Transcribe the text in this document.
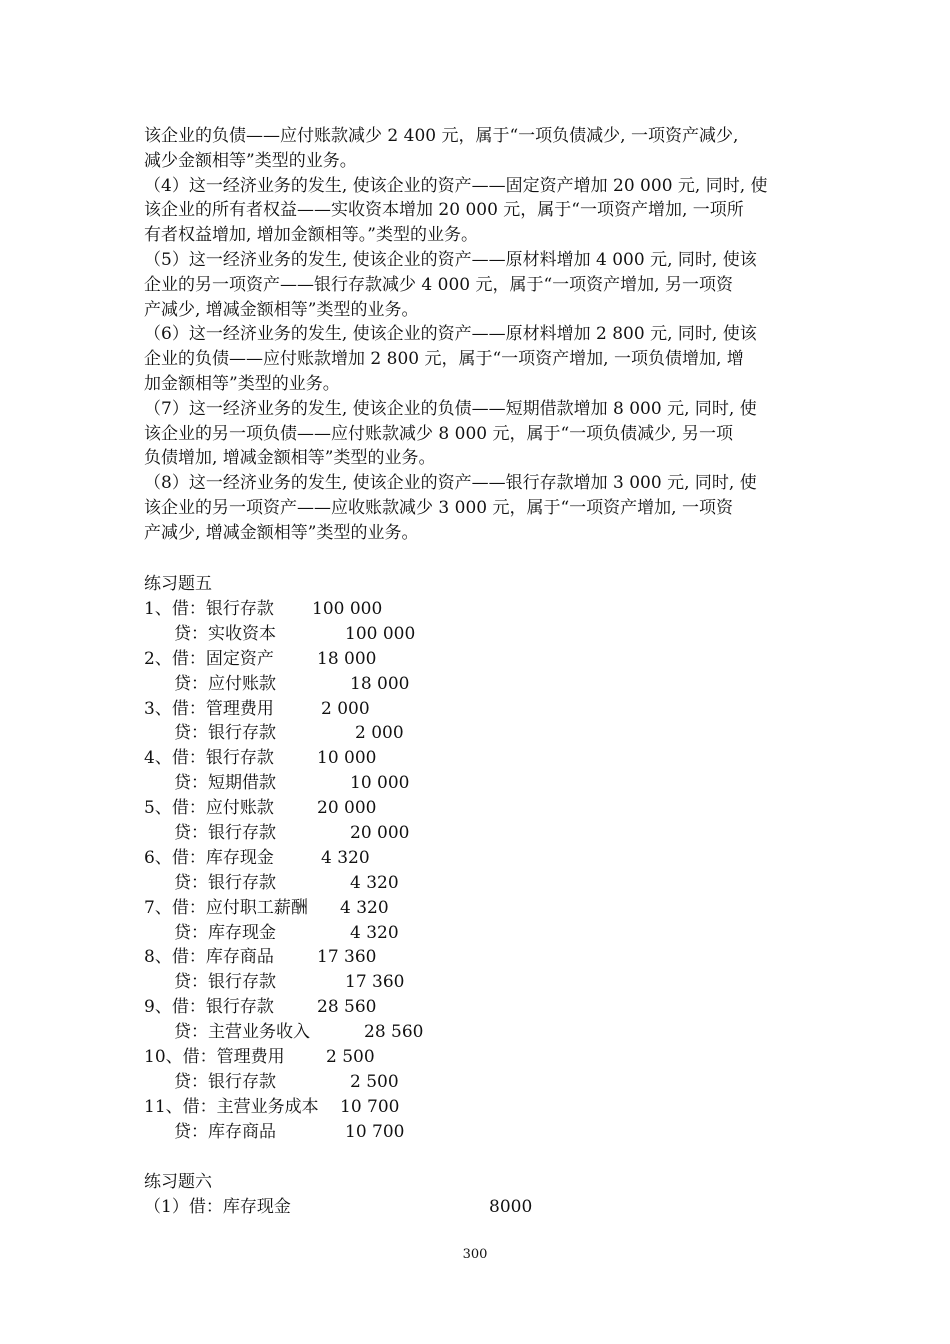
该企业的负债——应付账款减少 2 400 元，属于“一项负债减少, 一项资产减少,
减少金额相等”类型的业务。
（4）这一经济业务的发生, 使该企业的资产——固定资产增加 20 000 元, 同时, 使
该企业的所有者权益——实收资本增加 20 000 元，属于“一项资产增加, 一项所
有者权益增加, 增加金额相等。”类型的业务。
（5）这一经济业务的发生, 使该企业的资产——原材料增加 4 000 元, 同时, 使该
企业的另一项资产——银行存款减少 4 000 元，属于“一项资产增加, 另一项资
产减少, 增减金额相等”类型的业务。
（6）这一经济业务的发生, 使该企业的资产——原材料增加 2 800 元, 同时, 使该
企业的负债——应付账款增加 2 800 元，属于“一项资产增加, 一项负债增加, 增
加金额相等”类型的业务。
（7）这一经济业务的发生, 使该企业的负债——短期借款增加 8 000 元, 同时, 使
该企业的另一项负债——应付账款减少 8 000 元，属于“一项负债减少, 另一项
负债增加, 增减金额相等”类型的业务。
（8）这一经济业务的发生, 使该企业的资产——银行存款增加 3 000 元, 同时, 使
该企业的另一项资产——应收账款减少 3 000 元，属于“一项资产增加, 一项资
产减少, 增减金额相等”类型的业务。
练习题五
1、借：银行存款 100 000
贷：实收资本	100 000
2、借：固定资产	18 000
贷：应付账款	18 000
3、借：管理费用	2 000
贷：银行存款	2 000
4、借：银行存款	10 000
贷：短期借款	10 000
5、借：应付账款	20 000
贷：银行存款	20 000
6、借：库存现金	4 320
贷：银行存款	4 320
7、借：应付职工薪酬 4 320
贷：库存现金	4 320
8、借：库存商品	17 360
贷：银行存款	17 360
9、借：银行存款	28 560
贷：主营业务收入	28 560
10、借：管理费用 2 500
贷：银行存款	2 500
11、借：主营业务成本 10 700
贷：库存商品	10 700
练习题六
（1）借：库存现金	8000
300
